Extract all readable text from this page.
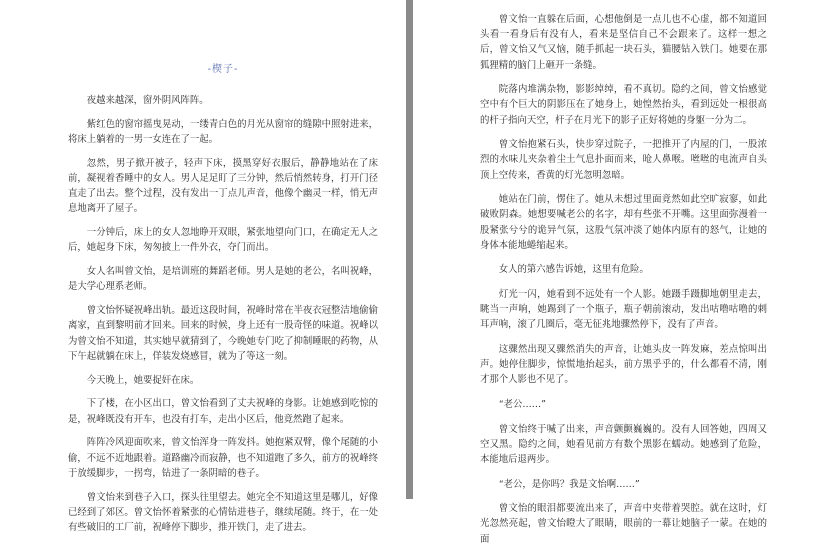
-楔子-

夜越来越深，窗外阴风阵阵。

紫红色的窗帘摇曳晃动，一缕青白色的月光从窗帘的缝隙中照射进来，将床上躺着的一男一女连在了一起。

忽然，男子掀开被子，轻声下床，摸黑穿好衣服后，静静地站在了床前，凝视着香睡中的女人。男人足足盯了三分钟，然后悄然转身，打开门径直走了出去。整个过程，没有发出一丁点儿声音，他像个幽灵一样，悄无声息地离开了屋子。

一分钟后，床上的女人忽地睁开双眼，紧张地望向门口，在确定无人之后，她起身下床，匆匆披上一件外衣，夺门而出。

女人名叫曾文怡，是培训班的舞蹈老师。男人是她的老公，名叫祝峰，是大学心理系老师。

曾文怡怀疑祝峰出轨。最近这段时间，祝峰时常在半夜衣冠整洁地偷偷离家，直到黎明前才回来。回来的时候，身上还有一股奇怪的味道。祝峰以为曾文怡不知道，其实她早就猜到了，今晚她专门吃了抑制睡眠的药物，从下午起就躺在床上，佯装发烧感冒，就为了等这一刻。

今天晚上，她要捉奸在床。

下了楼，在小区出口，曾文怡看到了丈夫祝峰的身影。让她感到吃惊的是，祝峰既没有开车，也没有打车，走出小区后，他竟然跑了起来。

阵阵冷风迎面吹来，曾文怡浑身一阵发抖。她抱紧双臂，像个尾随的小偷，不远不近地跟着。道路幽冷而寂静，也不知道跑了多久，前方的祝峰终于放缓脚步，一拐弯，钻进了一条阴暗的巷子。

曾文怡来到巷子入口，探头往里望去。她完全不知道这里是哪儿，好像已经到了郊区。曾文怡怀着紧张的心情钻进巷子，继续尾随。终于，在一处有些破旧的工厂前，祝峰停下脚步，推开铁门，走了进去。

曾文怡一直躲在后面，心想他倒是一点儿也不心虚，都不知道回头看一看身后有没有人，看来是坚信自己不会跟来了。这样一想之后，曾文怡又气又恼，随手抓起一块石头，猫腰钻入铁门。她要在那狐狸精的脑门上砸开一条缝。

院落内堆满杂物，影影绰绰，看不真切。隐约之间，曾文怡感觉空中有个巨大的阴影压在了她身上，她惶然抬头，看到远处一根很高的杆子指向天空，杆子在月光下的影子正好将她的身躯一分为二。

曾文怡抱紧石头，快步穿过院子，一把推开了内屋的门，一股浓烈的水味儿夹杂着尘土气息扑面而来，呛人鼻喉。咝咝的电流声自头顶上空传来，香黄的灯光忽明忽暗。

她站在门前，愣住了。她从未想过里面竟然如此空旷寂寥，如此破败阴森。她想要喊老公的名字，却有些张不开嘴。这里面弥漫着一股紧张兮兮的诡异气氛，这股气氛冲淡了她体内原有的怒气，让她的身体本能地蜷缩起来。

女人的第六感告诉她，这里有危险。

灯光一闪，她看到不远处有一个人影。她蹑手蹑脚地朝里走去，眺当一声响，她踢到了一个瓶子，瓶子朝前滚动，发出咕噜咕噜的刺耳声响，滚了几圈后，毫无征兆地骤然停下，没有了声音。

这骤然出现又骤然消失的声音，让她头皮一阵发麻，差点惊叫出声。她停住脚步，惊慌地抬起头，前方黑乎乎的，什么都看不清，刚才那个人影也不见了。

“老公……”

曾文怡终于喊了出来，声音颤颤巍巍的。没有人回答她，四周又空又黑。隐约之间，她看见前方有数个黑影在蠕动。她感到了危险，本能地后退两步。

“老公，是你吗？我是文怡啊……”

曾文怡的眼泪都要流出来了，声音中夹带着哭腔。就在这时，灯光忽然亮起，曾文怡瞪大了眼睛，眼前的一幕让她脑子一蒙。在她的面
